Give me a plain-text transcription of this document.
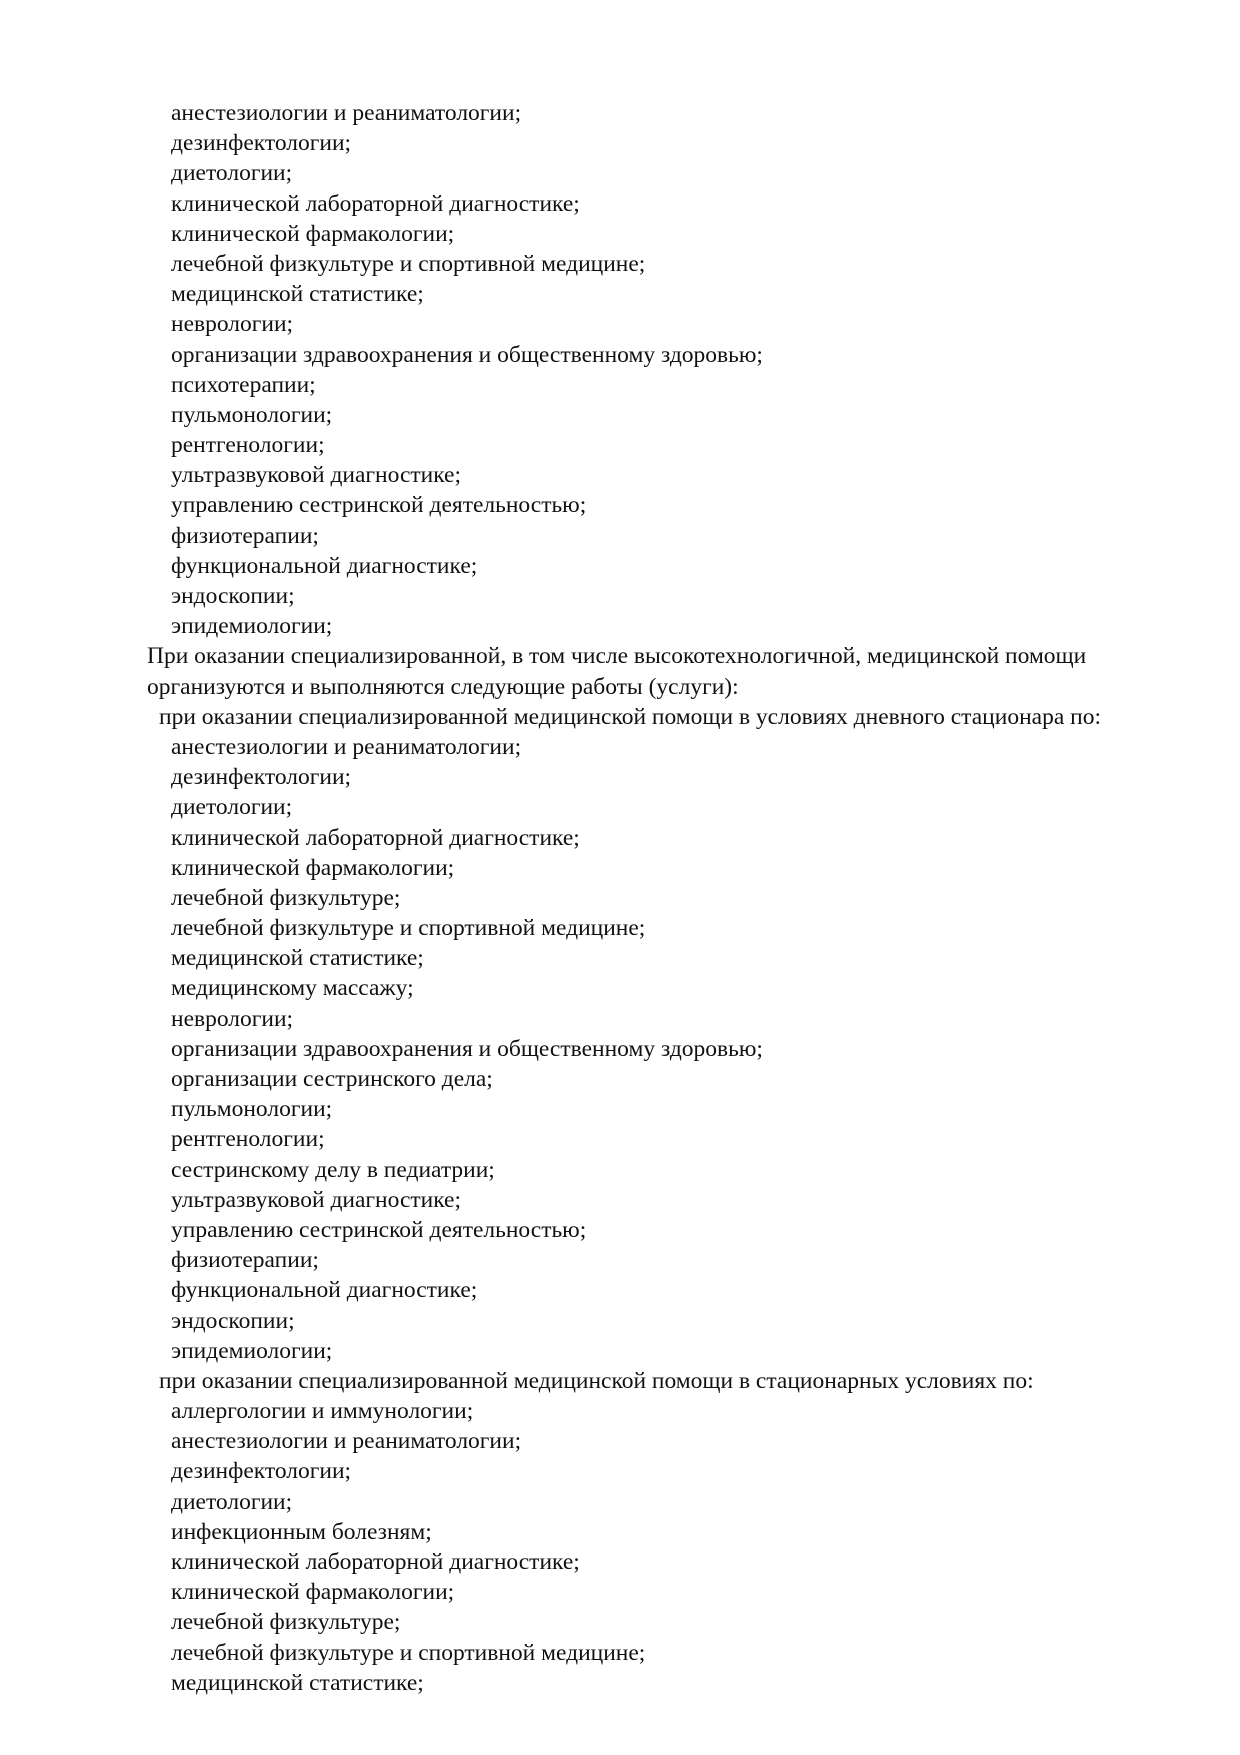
анестезиологии и реаниматологии;
дезинфектологии;
диетологии;
клинической лабораторной диагностике;
клинической фармакологии;
лечебной физкультуре и спортивной медицине;
медицинской статистике;
неврологии;
организации здравоохранения и общественному здоровью;
психотерапии;
пульмонологии;
рентгенологии;
ультразвуковой диагностике;
управлению сестринской деятельностью;
физиотерапии;
функциональной диагностике;
эндоскопии;
эпидемиологии;
При оказании специализированной, в том числе высокотехнологичной, медицинской помощи
организуются и выполняются следующие работы (услуги):
при оказании специализированной медицинской помощи в условиях дневного стационара по:
анестезиологии и реаниматологии;
дезинфектологии;
диетологии;
клинической лабораторной диагностике;
клинической фармакологии;
лечебной физкультуре;
лечебной физкультуре и спортивной медицине;
медицинской статистике;
медицинскому массажу;
неврологии;
организации здравоохранения и общественному здоровью;
организации сестринского дела;
пульмонологии;
рентгенологии;
сестринскому делу в педиатрии;
ультразвуковой диагностике;
управлению сестринской деятельностью;
физиотерапии;
функциональной диагностике;
эндоскопии;
эпидемиологии;
при оказании специализированной медицинской помощи в стационарных условиях по:
аллергологии и иммунологии;
анестезиологии и реаниматологии;
дезинфектологии;
диетологии;
инфекционным болезням;
клинической лабораторной диагностике;
клинической фармакологии;
лечебной физкультуре;
лечебной физкультуре и спортивной медицине;
медицинской статистике;
